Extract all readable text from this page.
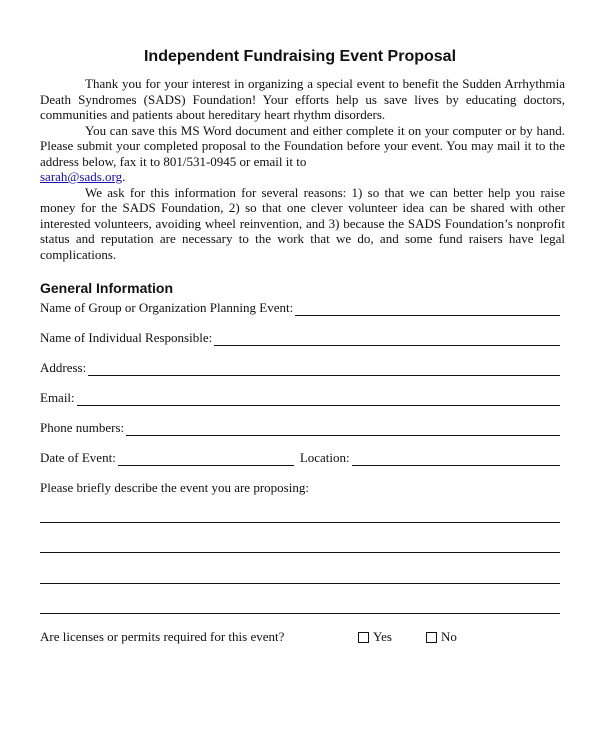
Independent Fundraising Event Proposal

Thank you for your interest in organizing a special event to benefit the Sudden Arrhythmia Death Syndromes (SADS) Foundation! Your efforts help us save lives by educating doctors, communities and patients about hereditary heart rhythm disorders.

You can save this MS Word document and either complete it on your computer or by hand. Please submit your completed proposal to the Foundation before your event. You may mail it to the address below, fax it to 801/531-0945 or email it to
sarah@sads.org.

We ask for this information for several reasons: 1) so that we can better help you raise money for the SADS Foundation, 2) so that one clever volunteer idea can be shared with other interested volunteers, avoiding wheel reinvention, and 3) because the SADS Foundation’s nonprofit status and reputation are necessary to the work that we do, and some fund raisers have legal complications.

General Information
Name of Group or Organization Planning Event:
Name of Individual Responsible:
Address:
Email:
Phone numbers:
Date of Event:	Location:
Please briefly describe the event you are proposing:
Are licenses or permits required for this event?	Yes	No
